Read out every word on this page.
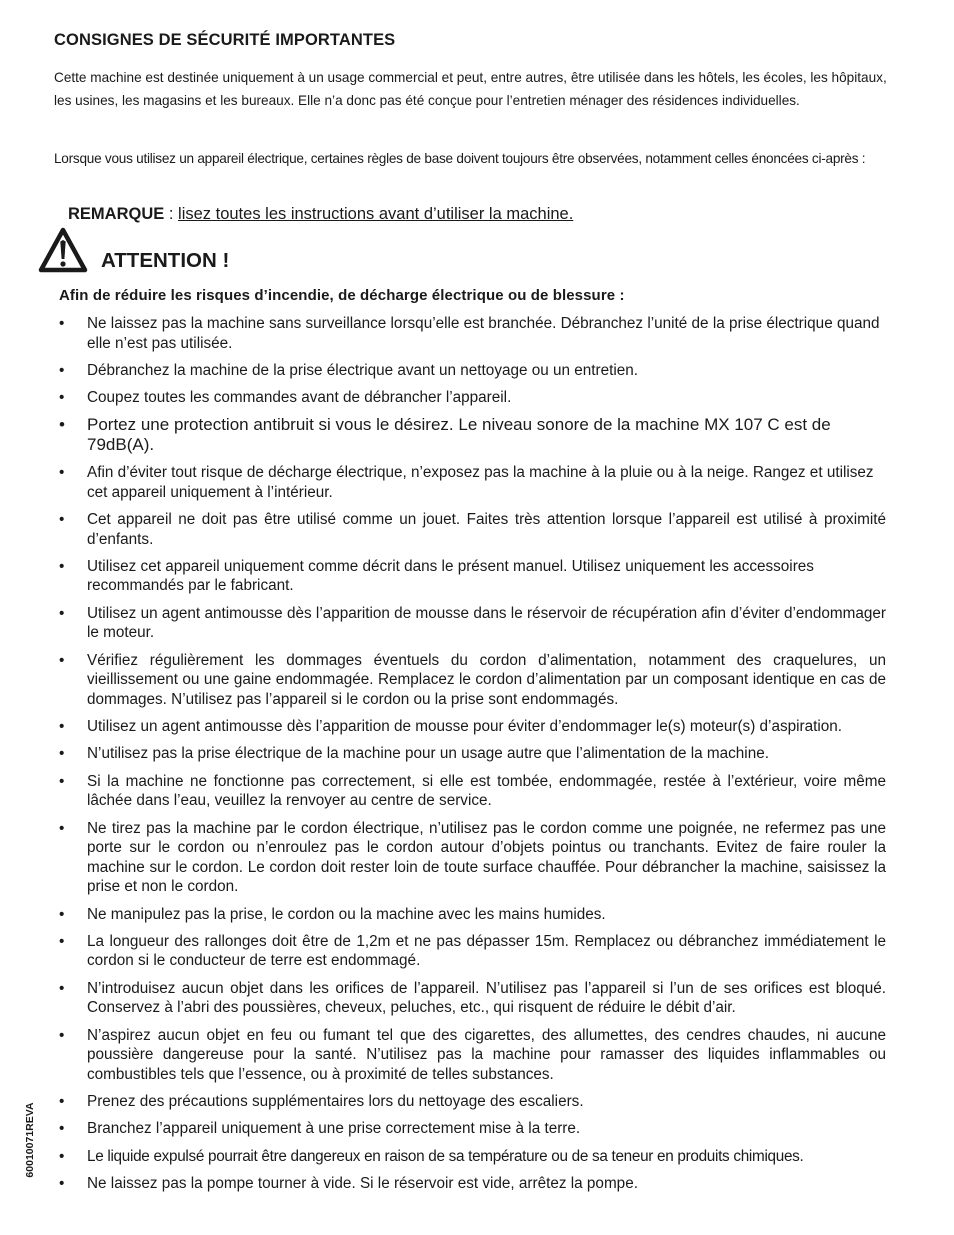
CONSIGNES DE SÉCURITÉ IMPORTANTES
Cette machine est destinée uniquement à un usage commercial et peut, entre autres, être utilisée dans les hôtels, les écoles, les hôpitaux, les usines, les magasins et les bureaux. Elle n’a donc pas été conçue pour l’entretien ménager des résidences individuelles.
Lorsque vous utilisez un appareil électrique, certaines règles de base doivent toujours être observées, notamment celles énoncées ci-après :
REMARQUE : lisez toutes les instructions avant d’utiliser la machine.
ATTENTION !
Afin de réduire les risques d’incendie, de décharge électrique ou de blessure :
• Ne laissez pas la machine sans surveillance lorsqu’elle est branchée. Débranchez l’unité de la prise électrique quand elle n’est pas utilisée.
• Débranchez la machine de la prise électrique avant un nettoyage ou un entretien.
• Coupez toutes les commandes avant de débrancher l’appareil.
• Portez une protection antibruit si vous le désirez. Le niveau sonore de la machine MX 107 C est de 79dB(A).
• Afin d’éviter tout risque de décharge électrique, n’exposez pas la machine à la pluie ou à la neige. Rangez et utilisez cet appareil uniquement à l’intérieur.
• Cet appareil ne doit pas être utilisé comme un jouet. Faites très attention lorsque l’appareil est utilisé à proximité d’enfants.
• Utilisez cet appareil uniquement comme décrit dans le présent manuel. Utilisez uniquement les accessoires recommandés par le fabricant.
• Utilisez un agent antimousse dès l’apparition de mousse dans le réservoir de récupération afin d’éviter d’endommager le moteur.
• Vérifiez régulièrement les dommages éventuels du cordon d’alimentation, notamment des craquelures, un vieillissement ou une gaine endommagée. Remplacez le cordon d’alimentation par un composant identique en cas de dommages. N’utilisez pas l’appareil si le cordon ou la prise sont endommagés.
• Utilisez un agent antimousse dès l’apparition de mousse pour éviter d’endommager le(s) moteur(s) d’aspiration.
• N’utilisez pas la prise électrique de la machine pour un usage autre que l’alimentation de la machine.
• Si la machine ne fonctionne pas correctement, si elle est tombée, endommagée, restée à l’extérieur, voire même lâchée dans l’eau, veuillez la renvoyer au centre de service.
• Ne tirez pas la machine par le cordon électrique, n’utilisez pas le cordon comme une poignée, ne refermez pas une porte sur le cordon ou n’enroulez pas le cordon autour d’objets pointus ou tranchants. Evitez de faire rouler la machine sur le cordon. Le cordon doit rester loin de toute surface chauffée. Pour débrancher la machine, saisissez la prise et non le cordon.
• Ne manipulez pas la prise, le cordon ou la machine avec les mains humides.
• La longueur des rallonges doit être de 1,2m et ne pas dépasser 15m. Remplacez ou débranchez immédiatement le cordon si le conducteur de terre est endommagé.
• N’introduisez aucun objet dans les orifices de l’appareil. N’utilisez pas l’appareil si l’un de ses orifices est bloqué. Conservez à l’abri des poussières, cheveux, peluches, etc., qui risquent de réduire le débit d’air.
• N’aspirez aucun objet en feu ou fumant tel que des cigarettes, des allumettes, des cendres chaudes, ni aucune poussière dangereuse pour la santé. N’utilisez pas la machine pour ramasser des liquides inflammables ou combustibles tels que l’essence, ou à proximité de telles substances.
• Prenez des précautions supplémentaires lors du nettoyage des escaliers.
• Branchez l’appareil uniquement à une prise correctement mise à la terre.
• Le liquide expulsé pourrait être dangereux en raison de sa température ou de sa teneur en produits chimiques.
• Ne laissez pas la pompe tourner à vide. Si le réservoir est vide, arrêtez la pompe.
60010071REVA
